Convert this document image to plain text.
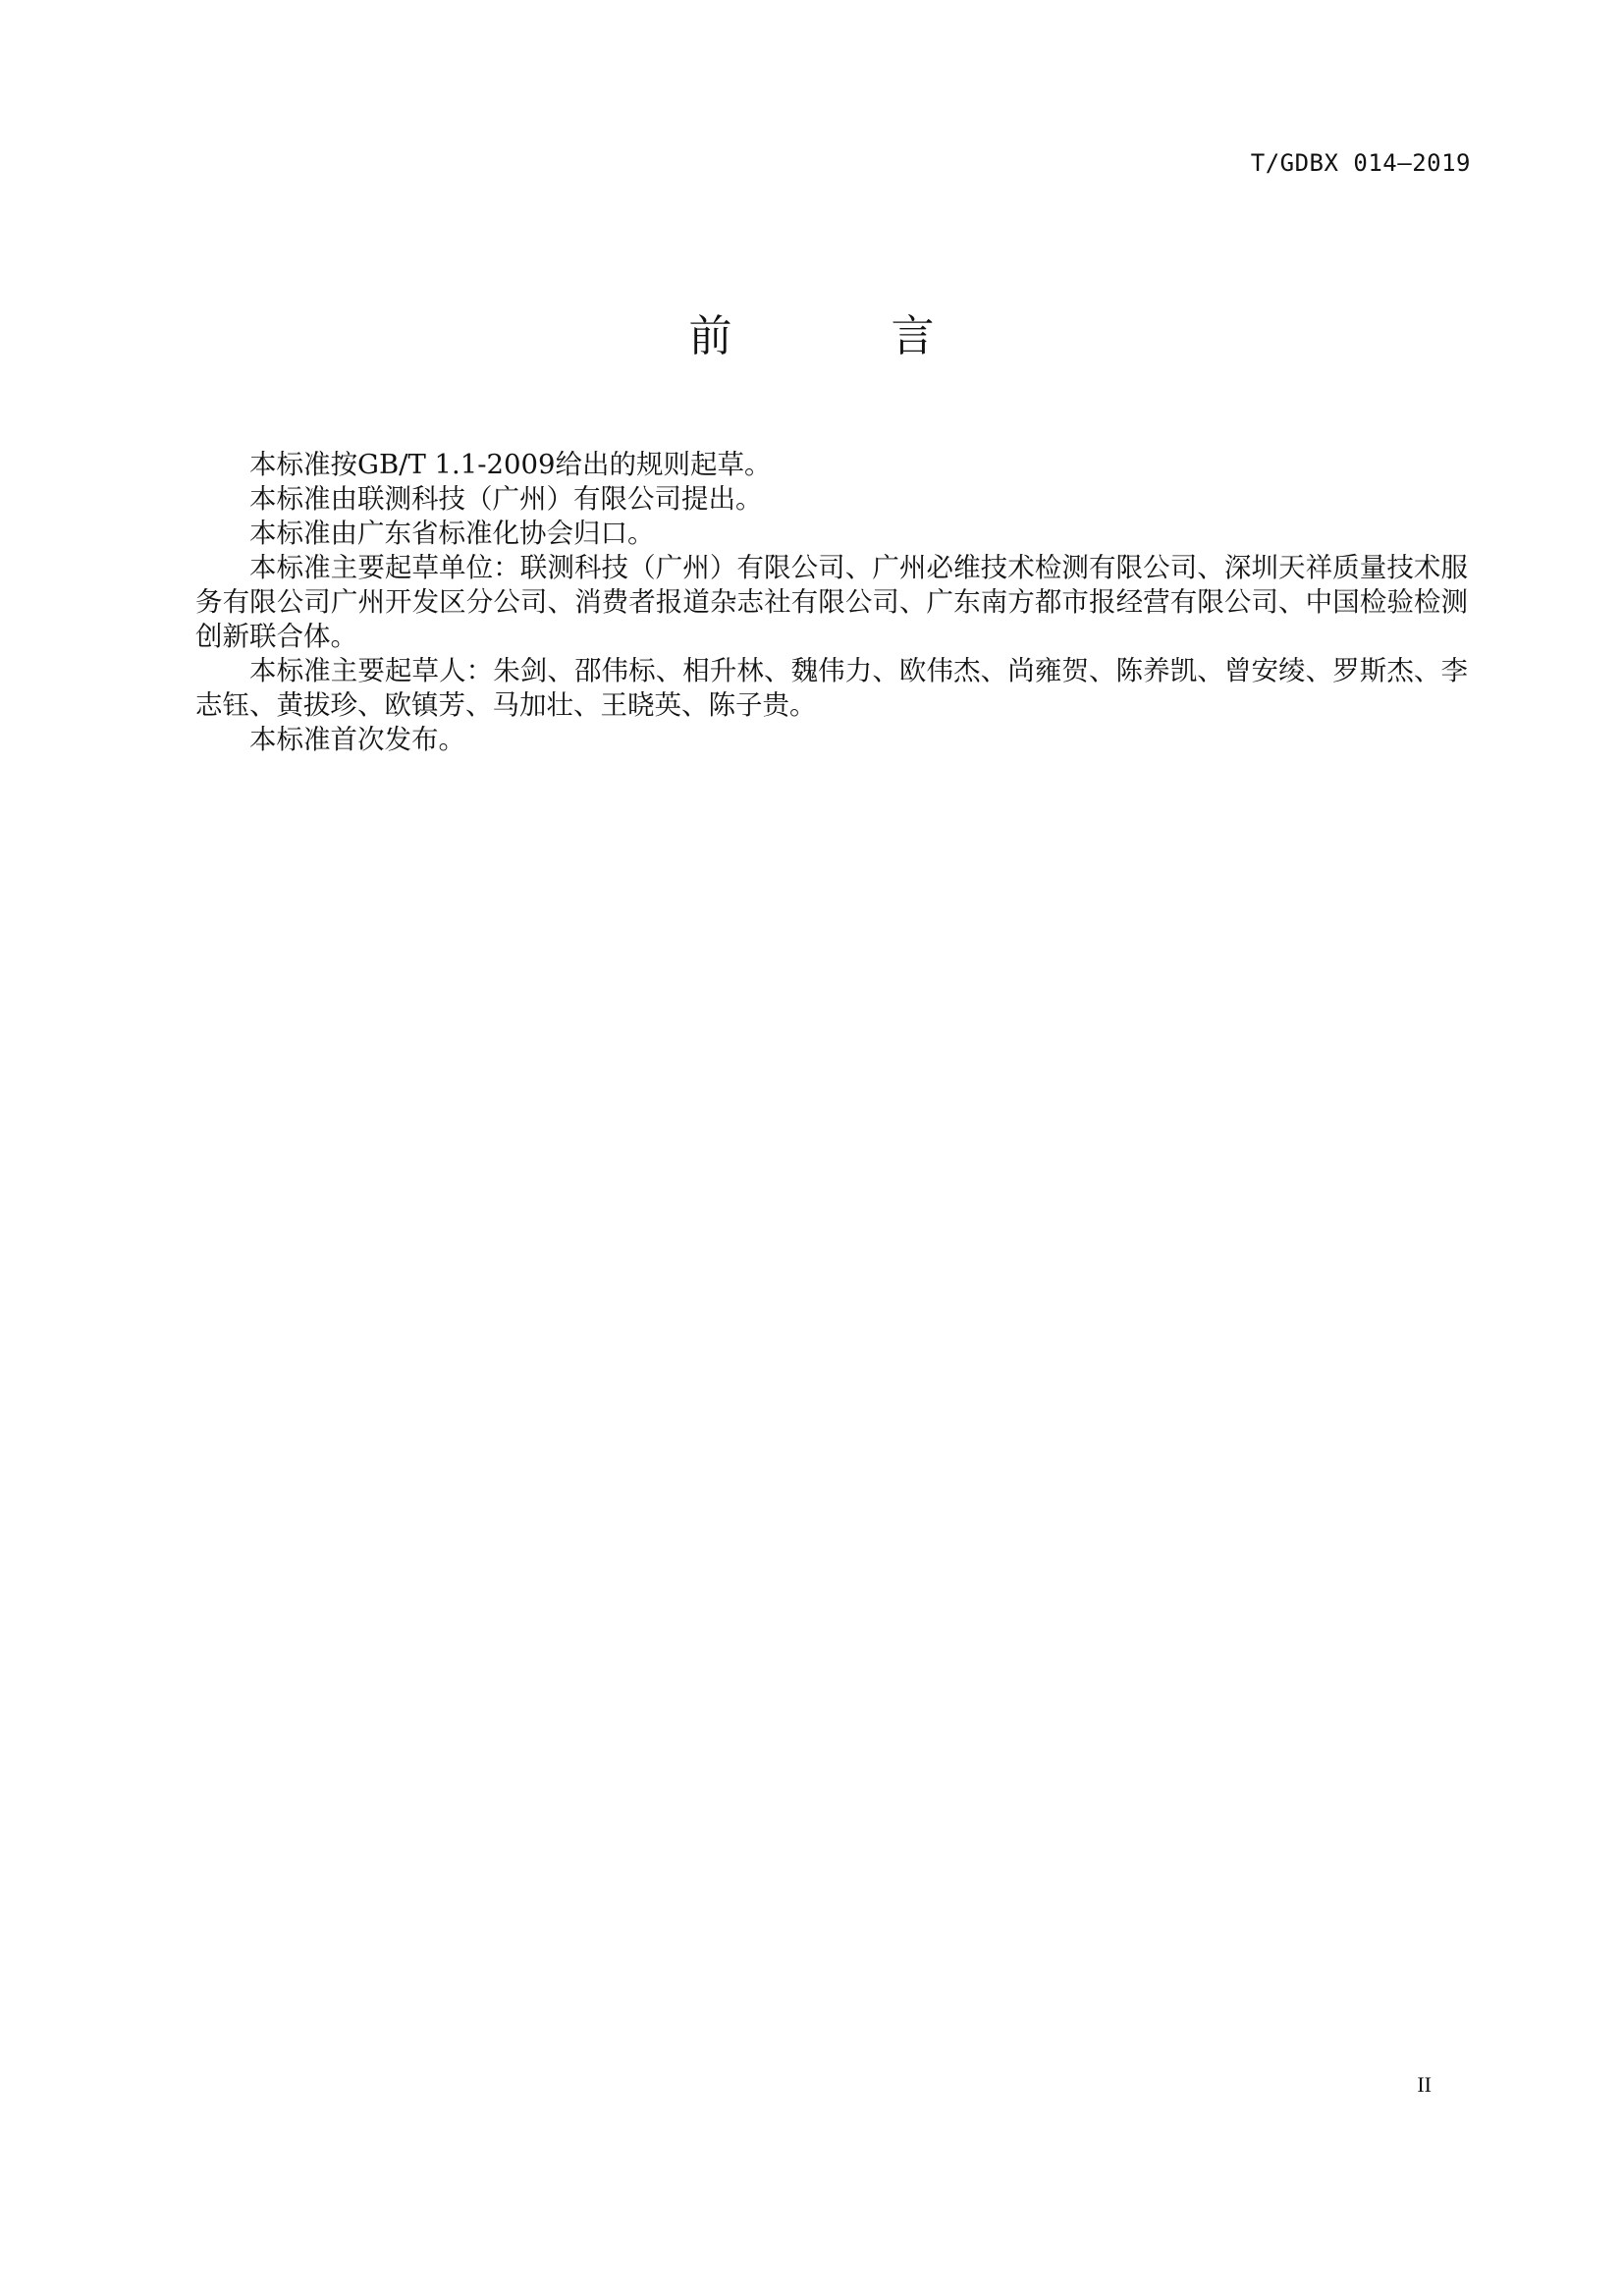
T/GDBX 014—2019
前 言

本标准按GB/T 1.1-2009给出的规则起草。

本标准由联测科技（广州）有限公司提出。

本标准由广东省标准化协会归口。

本标准主要起草单位：联测科技（广州）有限公司、广州必维技术检测有限公司、深圳天祥质量技术服务有限公司广州开发区分公司、消费者报道杂志社有限公司、广东南方都市报经营有限公司、中国检验检测创新联合体。

本标准主要起草人：朱剑、邵伟标、相升林、魏伟力、欧伟杰、尚雍贺、陈养凯、曾安绫、罗斯杰、李志钰、黄拔珍、欧镇芳、马加壮、王晓英、陈子贵。

本标准首次发布。

II
